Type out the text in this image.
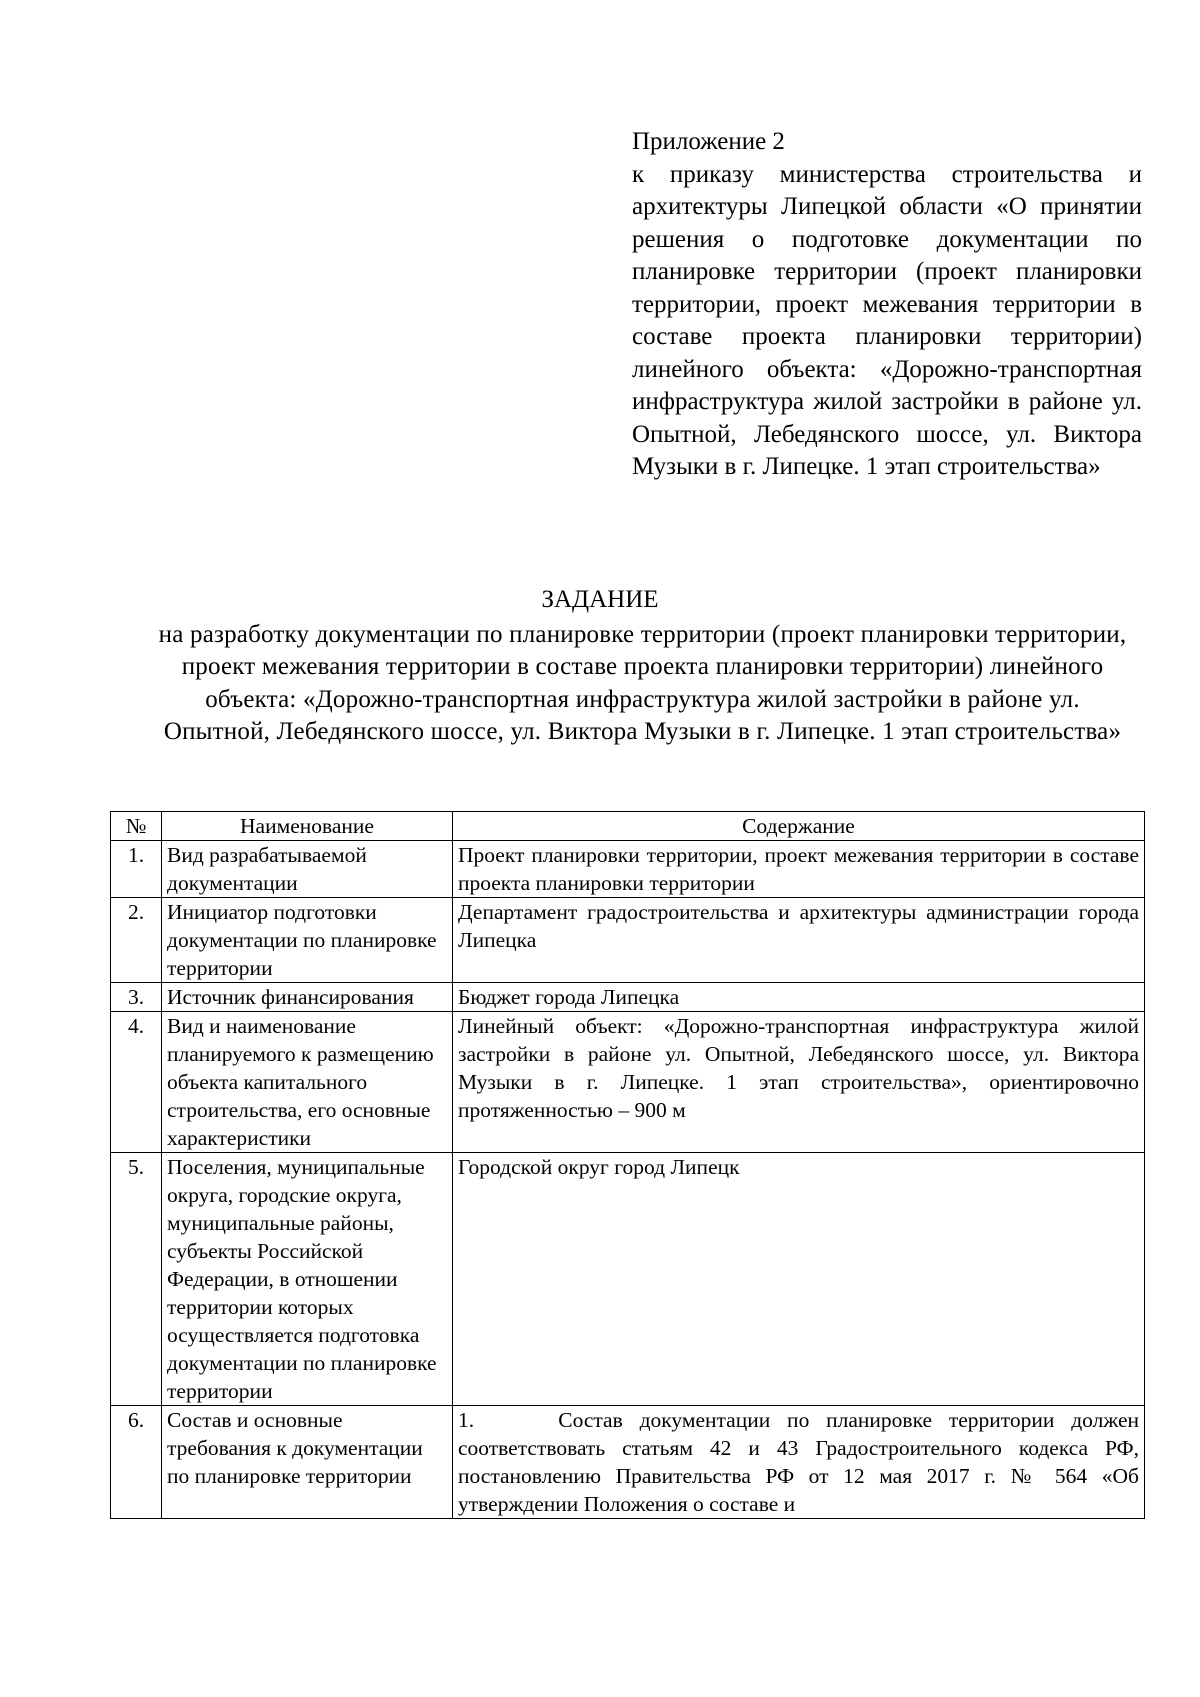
Приложение 2
к приказу министерства строительства и архитектуры Липецкой области «О принятии решения о подготовке документации по планировке территории (проект планировки территории, проект межевания территории в составе проекта планировки территории) линейного объекта: «Дорожно-транспортная инфраструктура жилой застройки в районе ул. Опытной, Лебедянского шоссе, ул. Виктора Музыки в г. Липецке. 1 этап строительства»
ЗАДАНИЕ
на разработку документации по планировке территории (проект планировки территории, проект межевания территории в составе проекта планировки территории) линейного объекта: «Дорожно-транспортная инфраструктура жилой застройки в районе ул. Опытной, Лебедянского шоссе, ул. Виктора Музыки в г. Липецке. 1 этап строительства»
№	Наименование	Содержание
1.	Вид разрабатываемой документации	Проект планировки территории, проект межевания территории в составе проекта планировки территории
2.	Инициатор подготовки документации по планировке территории	Департамент градостроительства и архитектуры администрации города Липецка
3.	Источник финансирования	Бюджет города Липецка
4.	Вид и наименование планируемого к размещению объекта капитального строительства, его основные характеристики	Линейный объект: «Дорожно-транспортная инфраструктура жилой застройки в районе ул. Опытной, Лебедянского шоссе, ул. Виктора Музыки в г. Липецке. 1 этап строительства», ориентировочно протяженностью – 900 м
5.	Поселения, муниципальные округа, городские округа, муниципальные районы, субъекты Российской Федерации, в отношении территории которых осуществляется подготовка документации по планировке территории	Городской округ город Липецк
6.	Состав и основные требования к документации по планировке территории	1.     Состав документации по планировке территории должен соответствовать статьям 42 и 43 Градостроительного кодекса РФ, постановлению Правительства РФ от 12 мая 2017 г. № 564 «Об утверждении Положения о составе и
